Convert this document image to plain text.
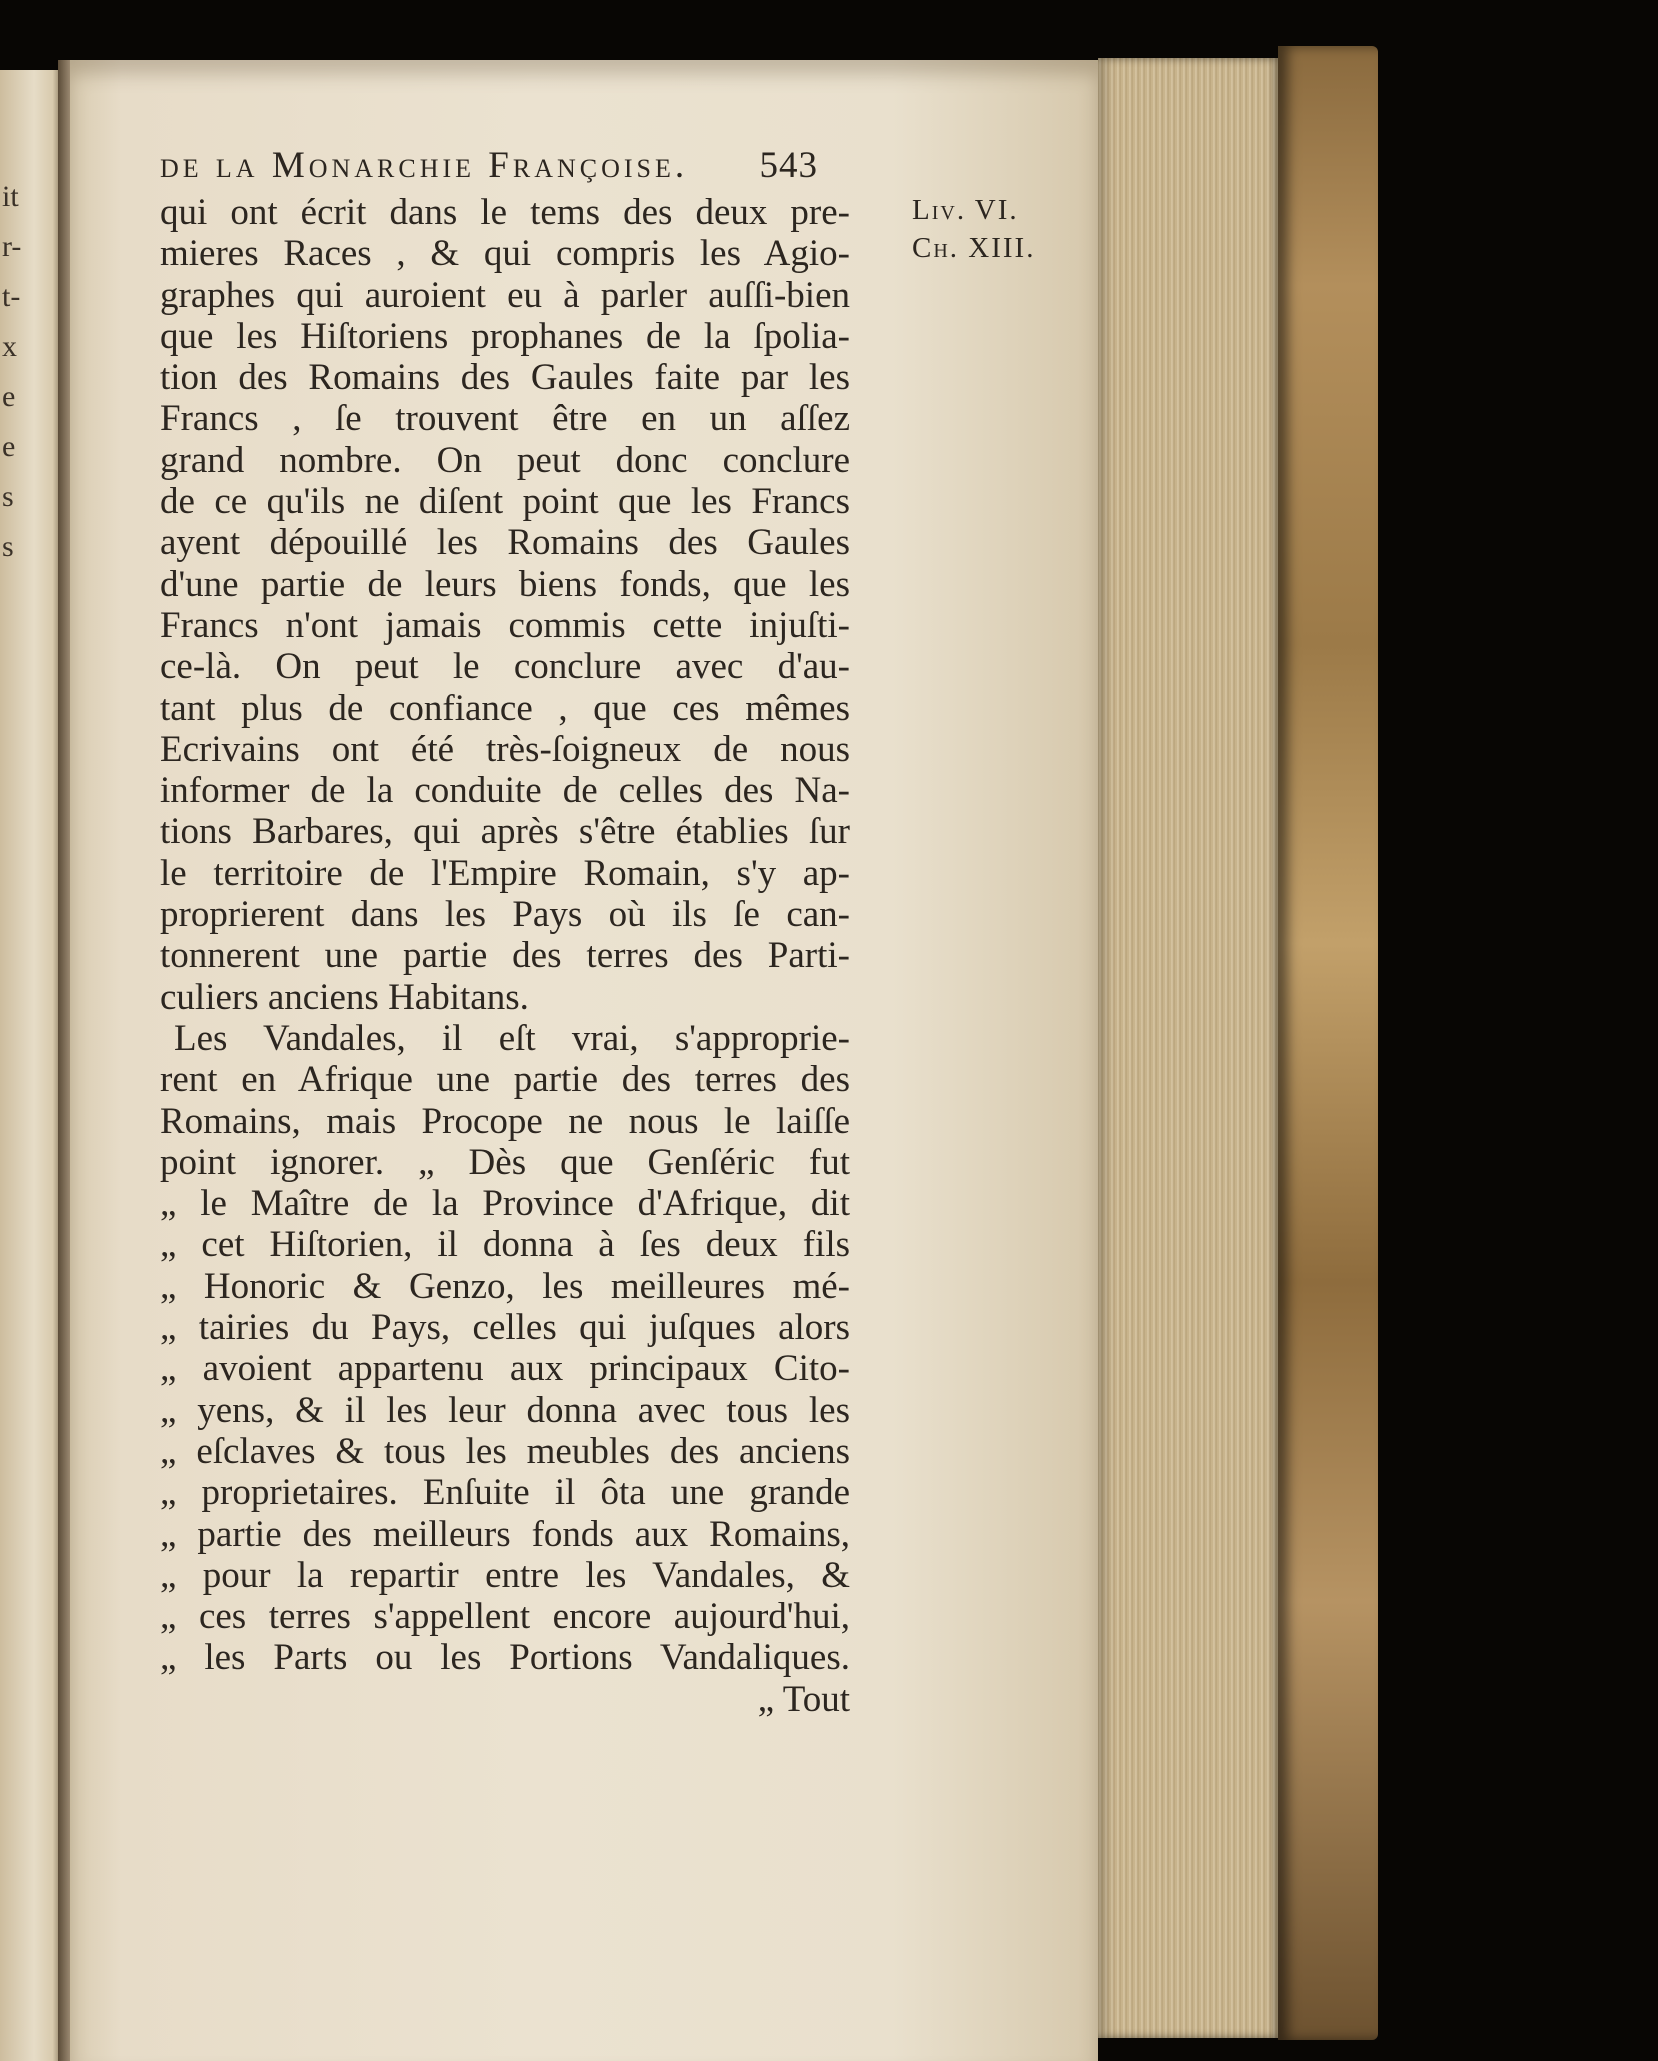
it
r-
t-
x
e
e
s
s
de la Monarchie Françoise. 543
qui ont écrit dans le tems des deux pre-
mieres Races , & qui compris les Agio-
graphes qui auroient eu à parler auſſi-bien
que les Hiſtoriens prophanes de la ſpolia-
tion des Romains des Gaules faite par les
Francs , ſe trouvent être en un aſſez
grand nombre. On peut donc conclure
de ce qu'ils ne diſent point que les Francs
ayent dépouillé les Romains des Gaules
d'une partie de leurs biens fonds, que les
Francs n'ont jamais commis cette injuſti-
ce-là. On peut le conclure avec d'au-
tant plus de confiance , que ces mêmes
Ecrivains ont été très-ſoigneux de nous
informer de la conduite de celles des Na-
tions Barbares, qui après s'être établies ſur
le territoire de l'Empire Romain, s'y ap-
proprierent dans les Pays où ils ſe can-
tonnerent une partie des terres des Parti-
culiers anciens Habitans.
Les Vandales, il eſt vrai, s'appropriе-
rent en Afrique une partie des terres des
Romains, mais Procope ne nous le laiſſe
point ignorer. „ Dès que Genſéric fut
„ le Maître de la Province d'Afrique, dit
„ cet Hiſtorien, il donna à ſes deux fils
„ Honoric & Genzo, les meilleures mé-
„ tairies du Pays, celles qui juſques alors
„ avoient appartenu aux principaux Cito-
„ yens, & il les leur donna avec tous les
„ eſclaves & tous les meubles des anciens
„ proprietaires. Enſuite il ôta une grande
„ partie des meilleurs fonds aux Romains,
„ pour la repartir entre les Vandales, &
„ ces terres s'appellent encore aujourd'hui,
„ les Parts ou les Portions Vandaliques.
„ Tout
Liv. VI.
Ch. XIII.
